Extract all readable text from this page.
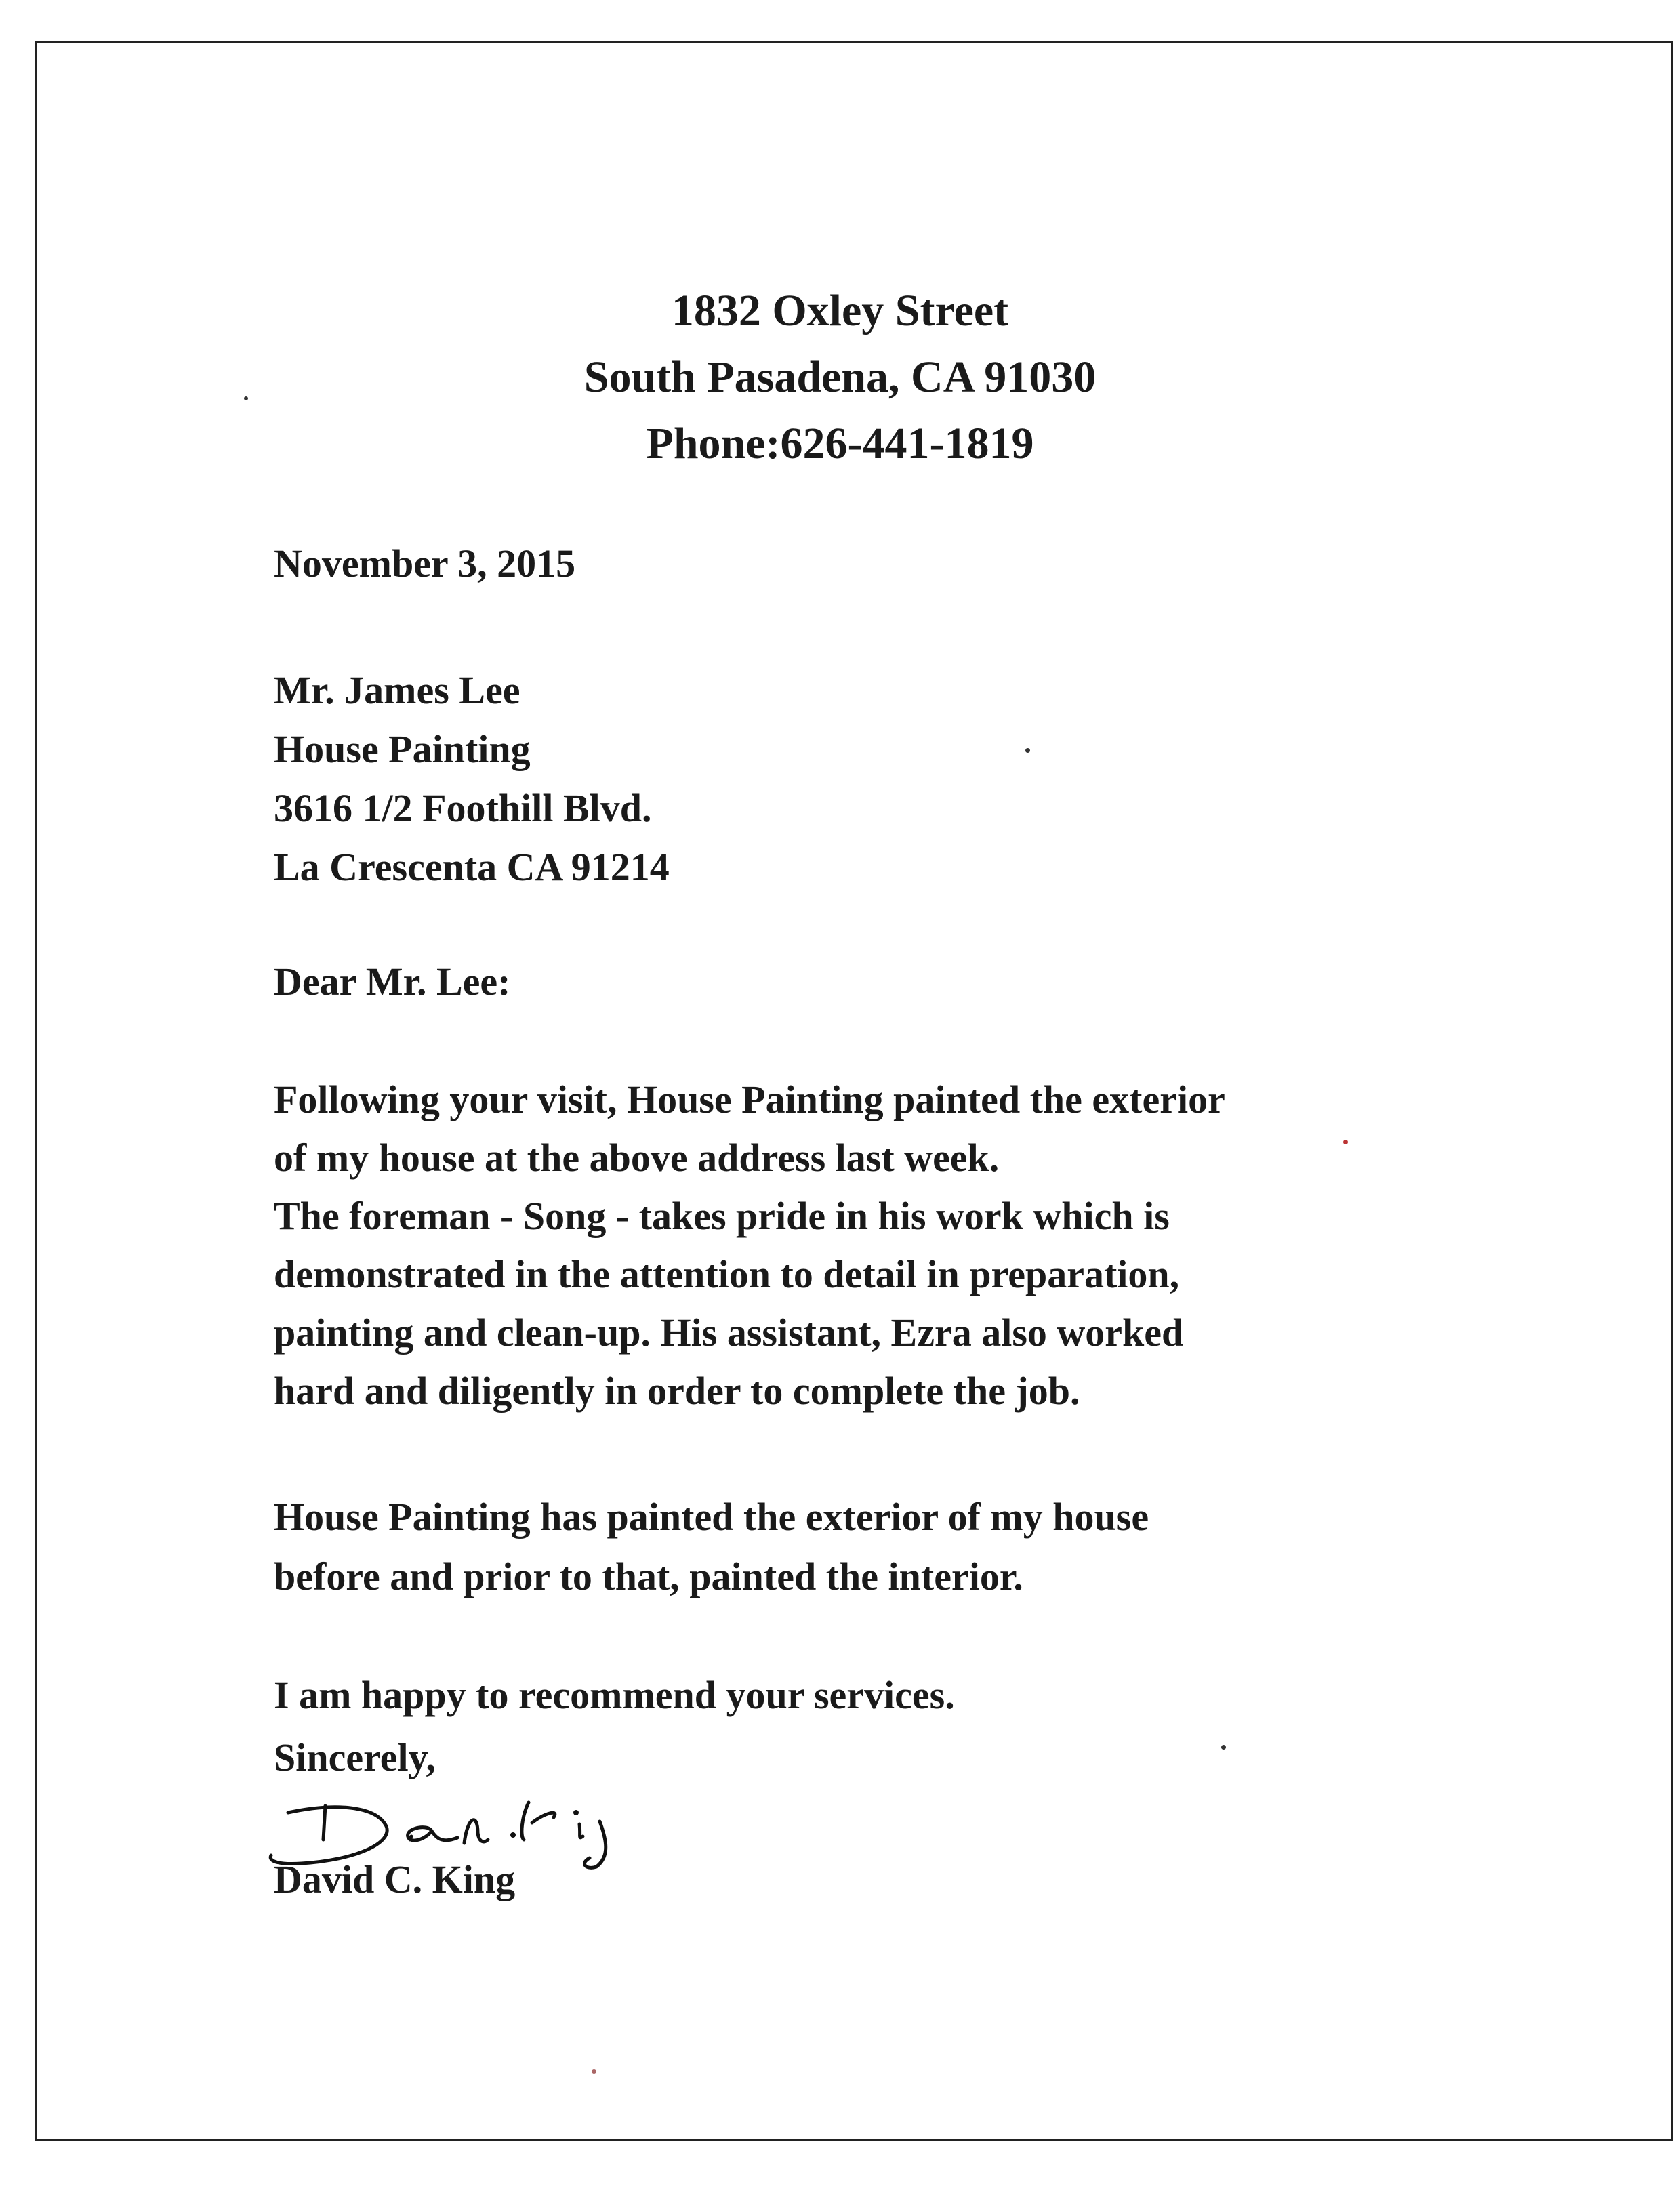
1832 Oxley Street
South Pasadena, CA 91030
Phone:626-441-1819
November 3, 2015
Mr. James Lee
House Painting
3616 1/2 Foothill Blvd.
La Crescenta CA 91214
Dear Mr. Lee:
Following your visit, House Painting painted the exterior
of my house at the above address last week.
The foreman - Song - takes pride in his work which is
demonstrated in the attention to detail in preparation,
painting and clean-up. His assistant, Ezra also worked
hard and diligently in order to complete the job.
House Painting has painted the exterior of my house
before and prior to that, painted the interior.
I am happy to recommend your services.
Sincerely,
David C. King
